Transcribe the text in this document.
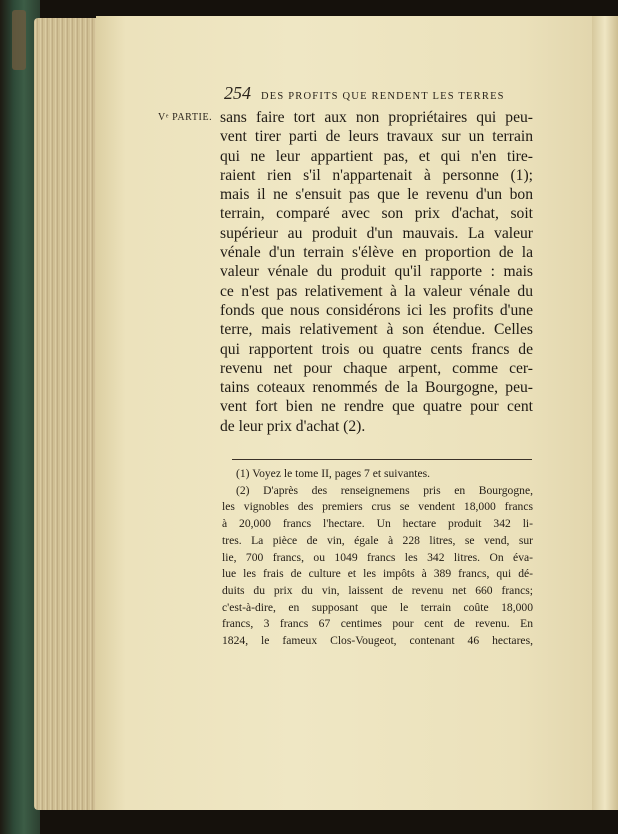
254 DES PROFITS QUE RENDENT LES TERRES
Vᵉ PARTIE. sans faire tort aux non propriétaires qui peu-
vent tirer parti de leurs travaux sur un terrain
qui ne leur appartient pas, et qui n'en tire-
raient rien s'il n'appartenait à personne (1);
mais il ne s'ensuit pas que le revenu d'un bon
terrain, comparé avec son prix d'achat, soit
supérieur au produit d'un mauvais. La valeur
vénale d'un terrain s'élève en proportion de la
valeur vénale du produit qu'il rapporte : mais
ce n'est pas relativement à la valeur vénale du
fonds que nous considérons ici les profits d'une
terre, mais relativement à son étendue. Celles
qui rapportent trois ou quatre cents francs de
revenu net pour chaque arpent, comme cer-
tains coteaux renommés de la Bourgogne, peu-
vent fort bien ne rendre que quatre pour cent
de leur prix d'achat (2).
(1) Voyez le tome II, pages 7 et suivantes.
(2) D'après des renseignemens pris en Bourgogne,
les vignobles des premiers crus se vendent 18,000 francs
à 20,000 francs l'hectare. Un hectare produit 342 li-
tres. La pièce de vin, égale à 228 litres, se vend, sur
lie, 700 francs, ou 1049 francs les 342 litres. On éva-
lue les frais de culture et les impôts à 389 francs, qui dé-
duits du prix du vin, laissent de revenu net 660 francs;
c'est-à-dire, en supposant que le terrain coûte 18,000
francs, 3 francs 67 centimes pour cent de revenu. En
1824, le fameux Clos-Vougeot, contenant 46 hectares,
